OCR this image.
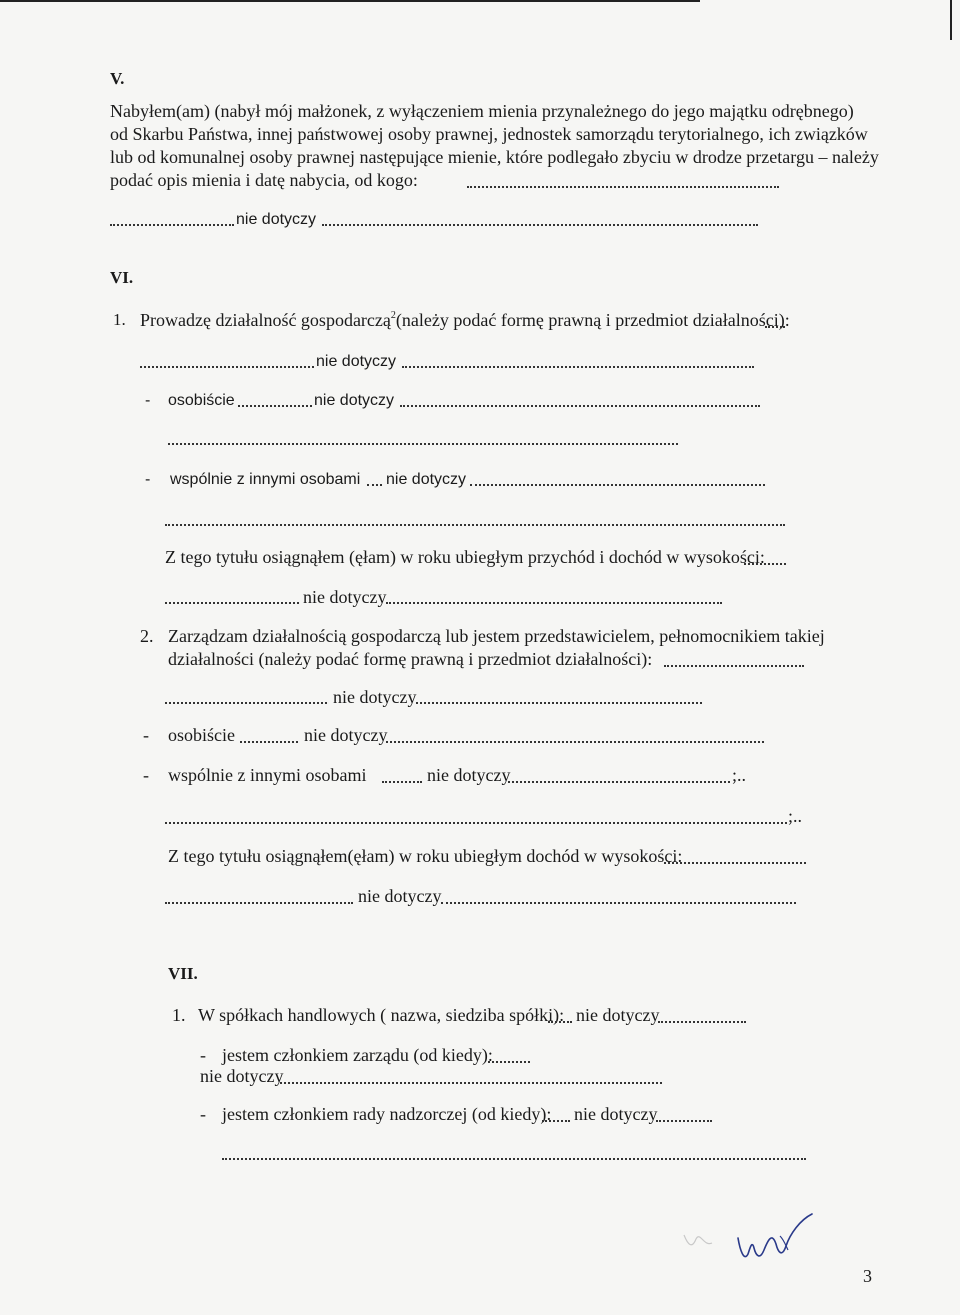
V.
Nabyłem(am) (nabył mój małżonek, z wyłączeniem mienia przynależnego do jego majątku odrębnego)
od Skarbu Państwa, innej państwowej osoby prawnej, jednostek samorządu terytorialnego, ich związków
lub od komunalnej osoby prawnej następujące mienie, które podlegało zbyciu w drodze przetargu – należy
podać opis mienia i datę nabycia, od kogo:
nie dotyczy
VI.
1. Prowadzę działalność gospodarczą$^2$(należy podać formę prawną i przedmiot działalności):
nie dotyczy
- osobiście	nie dotyczy
- wspólnie z innymi osobami nie dotyczy
Z tego tytułu osiągnąłem (ęłam) w roku ubiegłym przychód i dochód w wysokości:
nie dotyczy
2. Zarządzam działalnością gospodarczą lub jestem przedstawicielem, pełnomocnikiem takiej
działalności (należy podać formę prawną i przedmiot działalności):
nie dotyczy
- osobiście	nie dotyczy
- wspólnie z innymi osobami	nie dotyczy	;..
;..
Z tego tytułu osiągnąłem(ęłam) w roku ubiegłym dochód w wysokości:
nie dotyczy
VII.
1. W spółkach handlowych ( nazwa, siedziba spółki): nie dotyczy
- jestem członkiem zarządu (od kiedy):
nie dotyczy
- jestem członkiem rady nadzorczej (od kiedy): nie dotyczy
3
